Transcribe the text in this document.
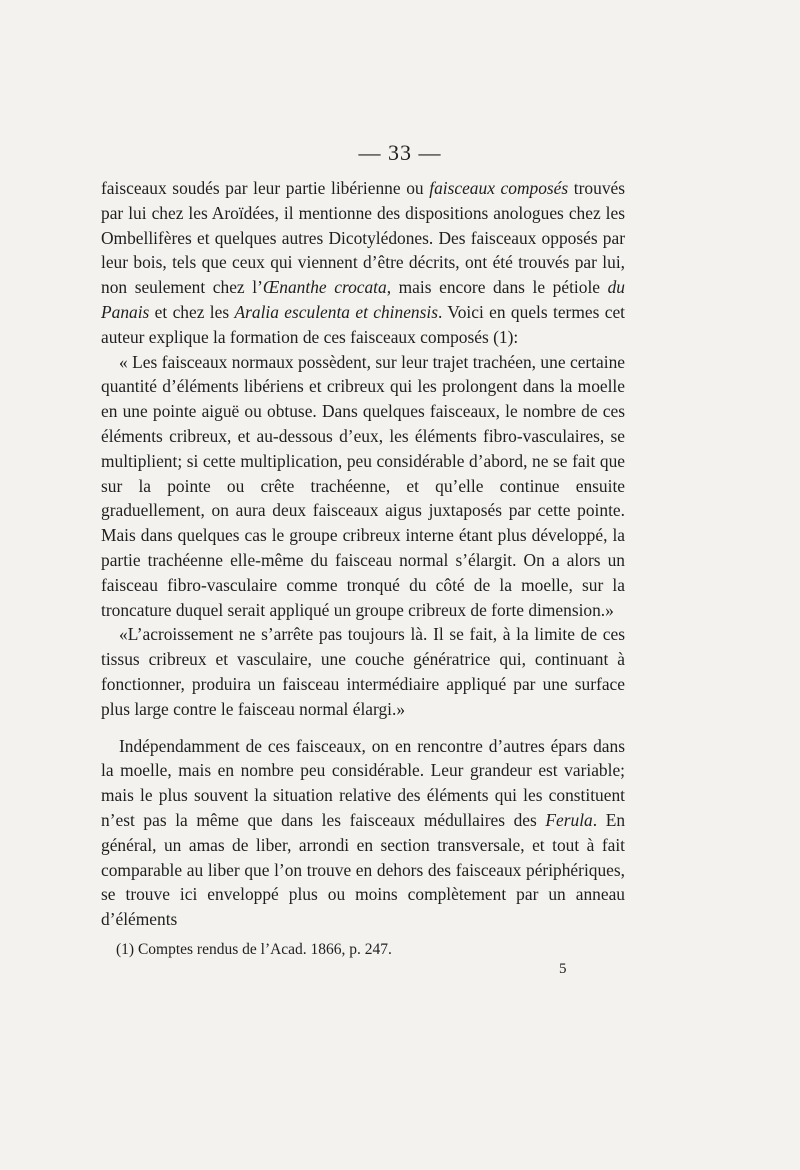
— 33 —

faisceaux soudés par leur partie libérienne ou faisceaux composés trouvés par lui chez les Aroïdées, il mentionne des dispositions anologues chez les Ombellifères et quelques autres Dicotylédones. Des faisceaux opposés par leur bois, tels que ceux qui viennent d’être décrits, ont été trouvés par lui, non seulement chez l’Œnanthe crocata, mais encore dans le pétiole du Panais et chez les Aralia esculenta et chinensis. Voici en quels termes cet auteur explique la formation de ces faisceaux composés (1):

« Les faisceaux normaux possèdent, sur leur trajet trachéen, une certaine quantité d’éléments libériens et cribreux qui les prolongent dans la moelle en une pointe aiguë ou obtuse. Dans quelques faisceaux, le nombre de ces éléments cribreux, et au-dessous d’eux, les éléments fibro-vasculaires, se multiplient; si cette multiplication, peu considérable d’abord, ne se fait que sur la pointe ou crête trachéenne, et qu’elle continue ensuite graduellement, on aura deux faisceaux aigus juxtaposés par cette pointe. Mais dans quelques cas le groupe cribreux interne étant plus développé, la partie trachéenne elle-même du faisceau normal s’élargit. On a alors un faisceau fibro-vasculaire comme tronqué du côté de la moelle, sur la troncature duquel serait appliqué un groupe cribreux de forte dimension.»

«L’acroissement ne s’arrête pas toujours là. Il se fait, à la limite de ces tissus cribreux et vasculaire, une couche génératrice qui, continuant à fonctionner, produira un faisceau intermédiaire appliqué par une surface plus large contre le faisceau normal élargi.»

Indépendamment de ces faisceaux, on en rencontre d’autres épars dans la moelle, mais en nombre peu considérable. Leur grandeur est variable; mais le plus souvent la situation relative des éléments qui les constituent n’est pas la même que dans les faisceaux médullaires des Ferula. En général, un amas de liber, arrondi en section transversale, et tout à fait comparable au liber que l’on trouve en dehors des faisceaux périphériques, se trouve ici enveloppé plus ou moins complètement par un anneau d’éléments

(1) Comptes rendus de l’Acad. 1866, p. 247.
5
